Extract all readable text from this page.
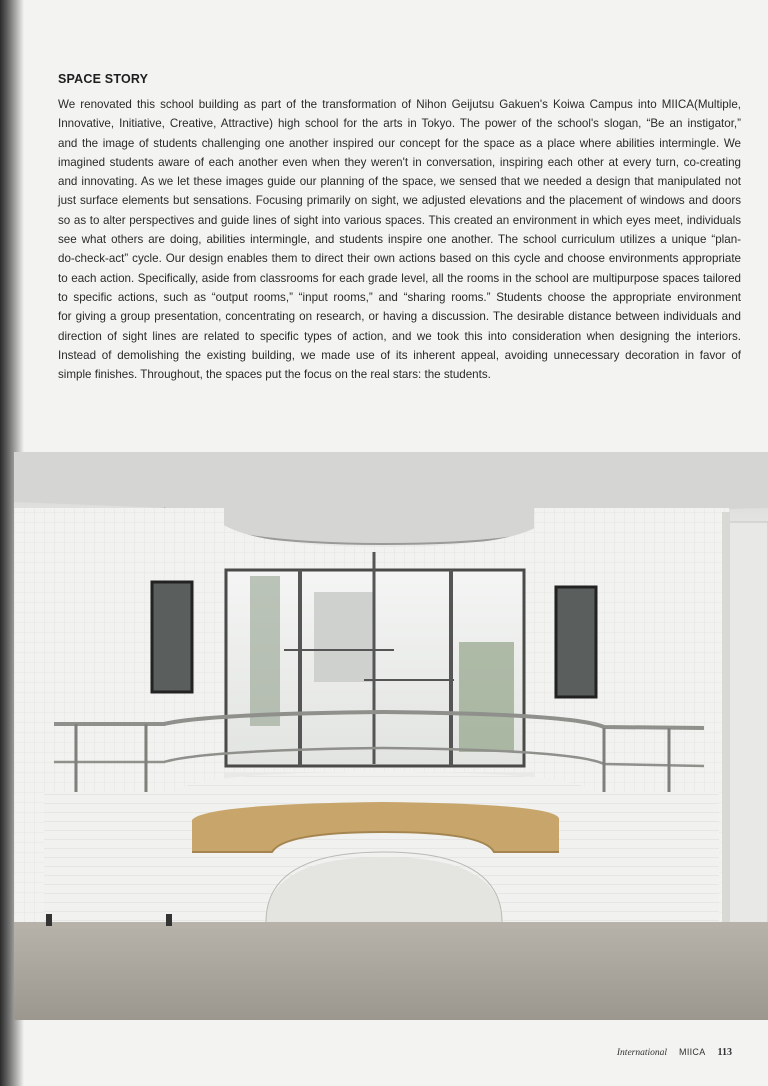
SPACE STORY
We renovated this school building as part of the transformation of Nihon Geijutsu Gakuen's Koiwa Campus into MIICA(Multiple,
Innovative, Initiative, Creative, Attractive) high school for the arts in Tokyo. The power of the school's slogan, “Be an instigator,”
and the image of students challenging one another inspired our concept for the space as a place where abilities intermingle. We
imagined students aware of each another even when they weren't in conversation, inspiring each other at every turn, co-creating
and innovating. As we let these images guide our planning of the space, we sensed that we needed a design that manipulated not
just surface elements but sensations. Focusing primarily on sight, we adjusted elevations and the placement of windows and doors
so as to alter perspectives and guide lines of sight into various spaces. This created an environment in which eyes meet, individuals
see what others are doing, abilities intermingle, and students inspire one another. The school curriculum utilizes a unique “plan-
do-check-act” cycle. Our design enables them to direct their own actions based on this cycle and choose environments appropriate
to each action. Specifically, aside from classrooms for each grade level, all the rooms in the school are multipurpose spaces tailored
to specific actions, such as “output rooms,” “input rooms,” and “sharing rooms.” Students choose the appropriate environment
for giving a group presentation, concentrating on research, or having a discussion. The desirable distance between individuals and
direction of sight lines are related to specific types of action, and we took this into consideration when designing the interiors.
Instead of demolishing the existing building, we made use of its inherent appeal, avoiding unnecessary decoration in favor of
simple finishes. Throughout, the spaces put the focus on the real stars: the students.
International MIICA 113
